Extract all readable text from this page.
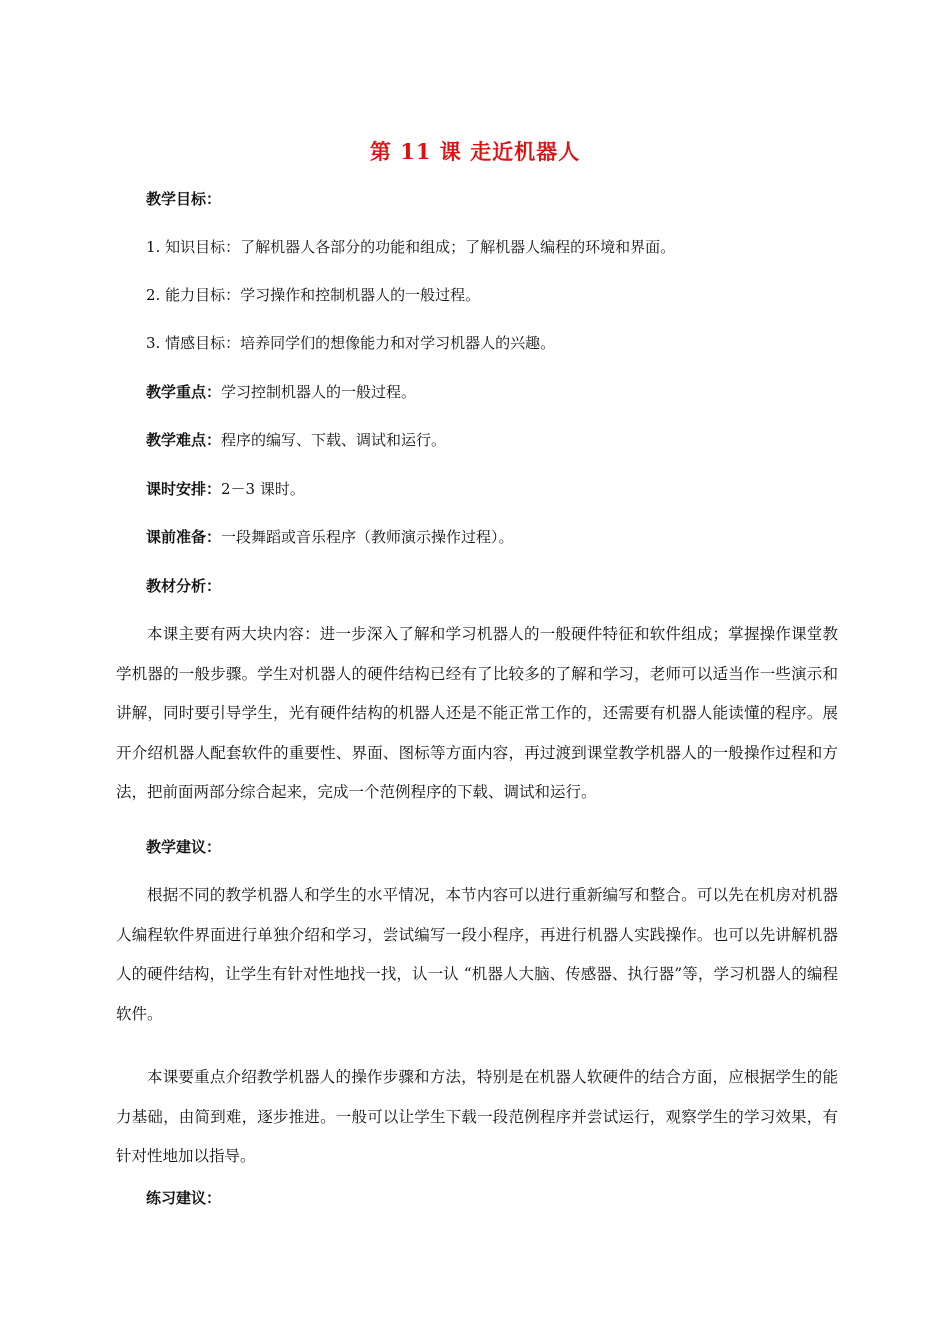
第 11 课 走近机器人
教学目标：
1. 知识目标：了解机器人各部分的功能和组成；了解机器人编程的环境和界面。
2. 能力目标：学习操作和控制机器人的一般过程。
3. 情感目标：培养同学们的想像能力和对学习机器人的兴趣。
教学重点：学习控制机器人的一般过程。
教学难点：程序的编写、下载、调试和运行。
课时安排：2－3 课时。
课前准备：一段舞蹈或音乐程序（教师演示操作过程）。
教材分析：
本课主要有两大块内容：进一步深入了解和学习机器人的一般硬件特征和软件组成；掌握操作课堂教学机器的一般步骤。学生对机器人的硬件结构已经有了比较多的了解和学习，老师可以适当作一些演示和讲解，同时要引导学生，光有硬件结构的机器人还是不能正常工作的，还需要有机器人能读懂的程序。展开介绍机器人配套软件的重要性、界面、图标等方面内容，再过渡到课堂教学机器人的一般操作过程和方法，把前面两部分综合起来，完成一个范例程序的下载、调试和运行。
教学建议：
根据不同的教学机器人和学生的水平情况，本节内容可以进行重新编写和整合。可以先在机房对机器人编程软件界面进行单独介绍和学习，尝试编写一段小程序，再进行机器人实践操作。也可以先讲解机器人的硬件结构，让学生有针对性地找一找，认一认 “机器人大脑、传感器、执行器”等，学习机器人的编程软件。
本课要重点介绍教学机器人的操作步骤和方法，特别是在机器人软硬件的结合方面，应根据学生的能力基础，由简到难，逐步推进。一般可以让学生下载一段范例程序并尝试运行，观察学生的学习效果，有针对性地加以指导。
练习建议：
